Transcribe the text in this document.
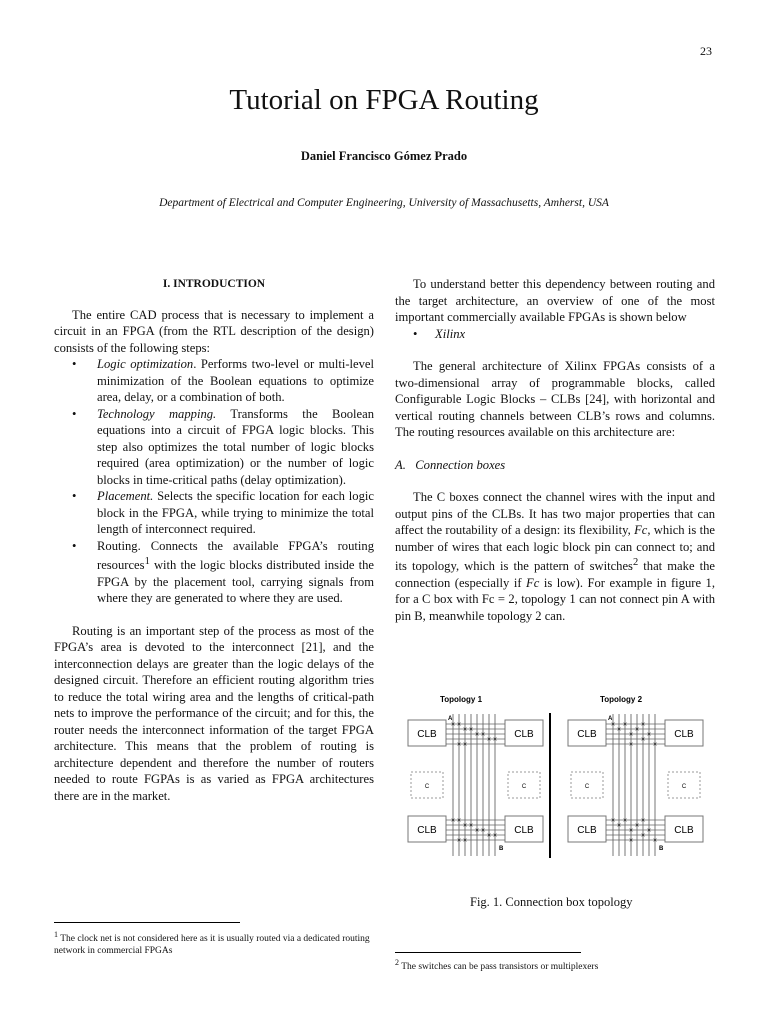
23
Tutorial on FPGA Routing
Daniel Francisco Gómez Prado
Department of Electrical and Computer Engineering, University of Massachusetts, Amherst, USA
I. INTRODUCTION

The entire CAD process that is necessary to implement a circuit in an FPGA (from the RTL description of the design) consists of the following steps:

• Logic optimization. Performs two-level or multi-level minimization of the Boolean equations to optimize area, delay, or a combination of both.
• Technology mapping. Transforms the Boolean equations into a circuit of FPGA logic blocks. This step also optimizes the total number of logic blocks required (area optimization) or the number of logic blocks in time-critical paths (delay optimization).
• Placement. Selects the specific location for each logic block in the FPGA, while trying to minimize the total length of interconnect required.
• Routing. Connects the available FPGA’s routing resources$^1$ with the logic blocks distributed inside the FPGA by the placement tool, carrying signals from where they are generated to where they are used.

Routing is an important step of the process as most of the FPGA’s area is devoted to the interconnect [21], and the interconnection delays are greater than the logic delays of the designed circuit. Therefore an efficient routing algorithm tries to reduce the total wiring area and the lengths of critical-path nets to improve the performance of the circuit; and for this, the router needs the interconnect information of the target FPGA architecture. This means that the problem of routing is architecture dependent and therefore the number of routers needed to route FGPAs is as varied as FPGA architectures there are in the market.

To understand better this dependency between routing and the target architecture, an overview of one of the most important commercially available FPGAs is shown below

• Xilinx

The general architecture of Xilinx FPGAs consists of a two-dimensional array of programmable blocks, called Configurable Logic Blocks – CLBs [24], with horizontal and vertical routing channels between CLB’s rows and columns. The routing resources available on this architecture are:

A.   Connection boxes

The C boxes connect the channel wires with the input and output pins of the CLBs. It has two major properties that can affect the routability of a design: its flexibility, Fc, which is the number of wires that each logic block pin can connect to; and its topology, which is the pattern of switches$^2$ that make the connection (especially if Fc is low). For example in figure 1, for a C box with Fc = 2, topology 1 can not connect pin A with pin B, meanwhile topology 2 can.

Topology 1
CLB	CLB
CLB	CLB
C	C
×
×
×
×
×
×
×
×
×
×
×
×
×
×
×
×
×
×
×
×
A
B
Topology 2
CLB	CLB
CLB	CLB
C	C
×
×
×
×
×
×
×
×
×
×
×
×
×
×
×
×
×
×
×
×
A
B
Fig. 1. Connection box topology
$^1$ The clock net is not considered here as it is usually routed via a dedicated routing network in commercial FPGAs
$^2$ The switches can be pass transistors or multiplexers
